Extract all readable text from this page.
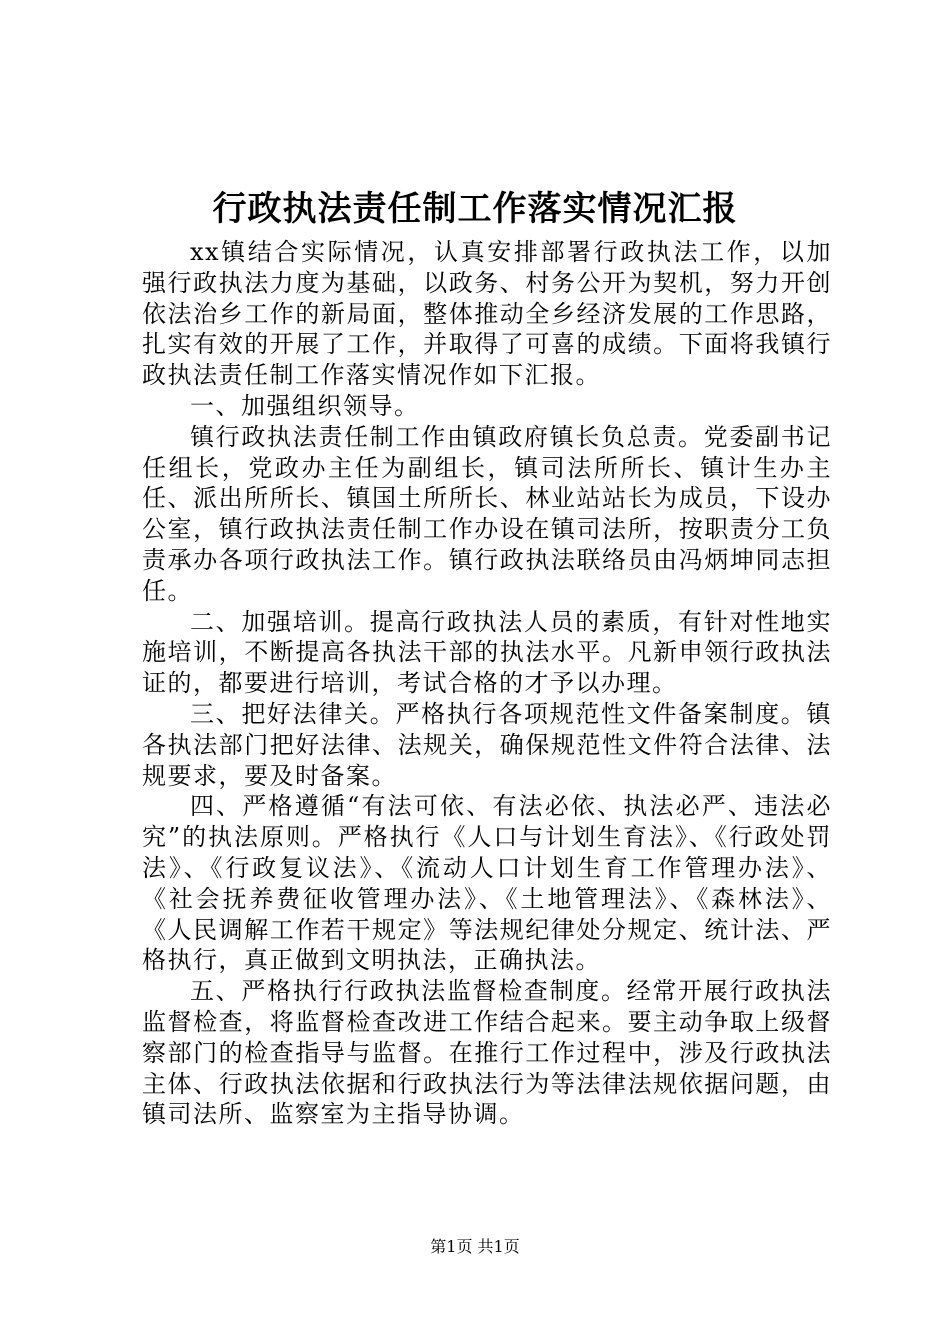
行政执法责任制工作落实情况汇报

xx镇结合实际情况，认真安排部署行政执法工作，以加强行政执法力度为基础，以政务、村务公开为契机，努力开创依法治乡工作的新局面，整体推动全乡经济发展的工作思路，扎实有效的开展了工作，并取得了可喜的成绩。下面将我镇行政执法责任制工作落实情况作如下汇报。

一、加强组织领导。

镇行政执法责任制工作由镇政府镇长负总责。党委副书记任组长，党政办主任为副组长，镇司法所所长、镇计生办主任、派出所所长、镇国土所所长、林业站站长为成员，下设办公室，镇行政执法责任制工作办设在镇司法所，按职责分工负责承办各项行政执法工作。镇行政执法联络员由冯炳坤同志担任。

二、加强培训。提高行政执法人员的素质，有针对性地实施培训，不断提高各执法干部的执法水平。凡新申领行政执法证的，都要进行培训，考试合格的才予以办理。

三、把好法律关。严格执行各项规范性文件备案制度。镇各执法部门把好法律、法规关，确保规范性文件符合法律、法规要求，要及时备案。

四、严格遵循“有法可依、有法必依、执法必严、违法必究”的执法原则。严格执行《人口与计划生育法》、《行政处罚法》、《行政复议法》、《流动人口计划生育工作管理办法》、《社会抚养费征收管理办法》、《土地管理法》、《森林法》、《人民调解工作若干规定》等法规纪律处分规定、统计法、严格执行，真正做到文明执法，正确执法。

五、严格执行行政执法监督检查制度。经常开展行政执法监督检查，将监督检查改进工作结合起来。要主动争取上级督察部门的检查指导与监督。在推行工作过程中，涉及行政执法主体、行政执法依据和行政执法行为等法律法规依据问题，由镇司法所、监察室为主指导协调。

第1页 共1页
